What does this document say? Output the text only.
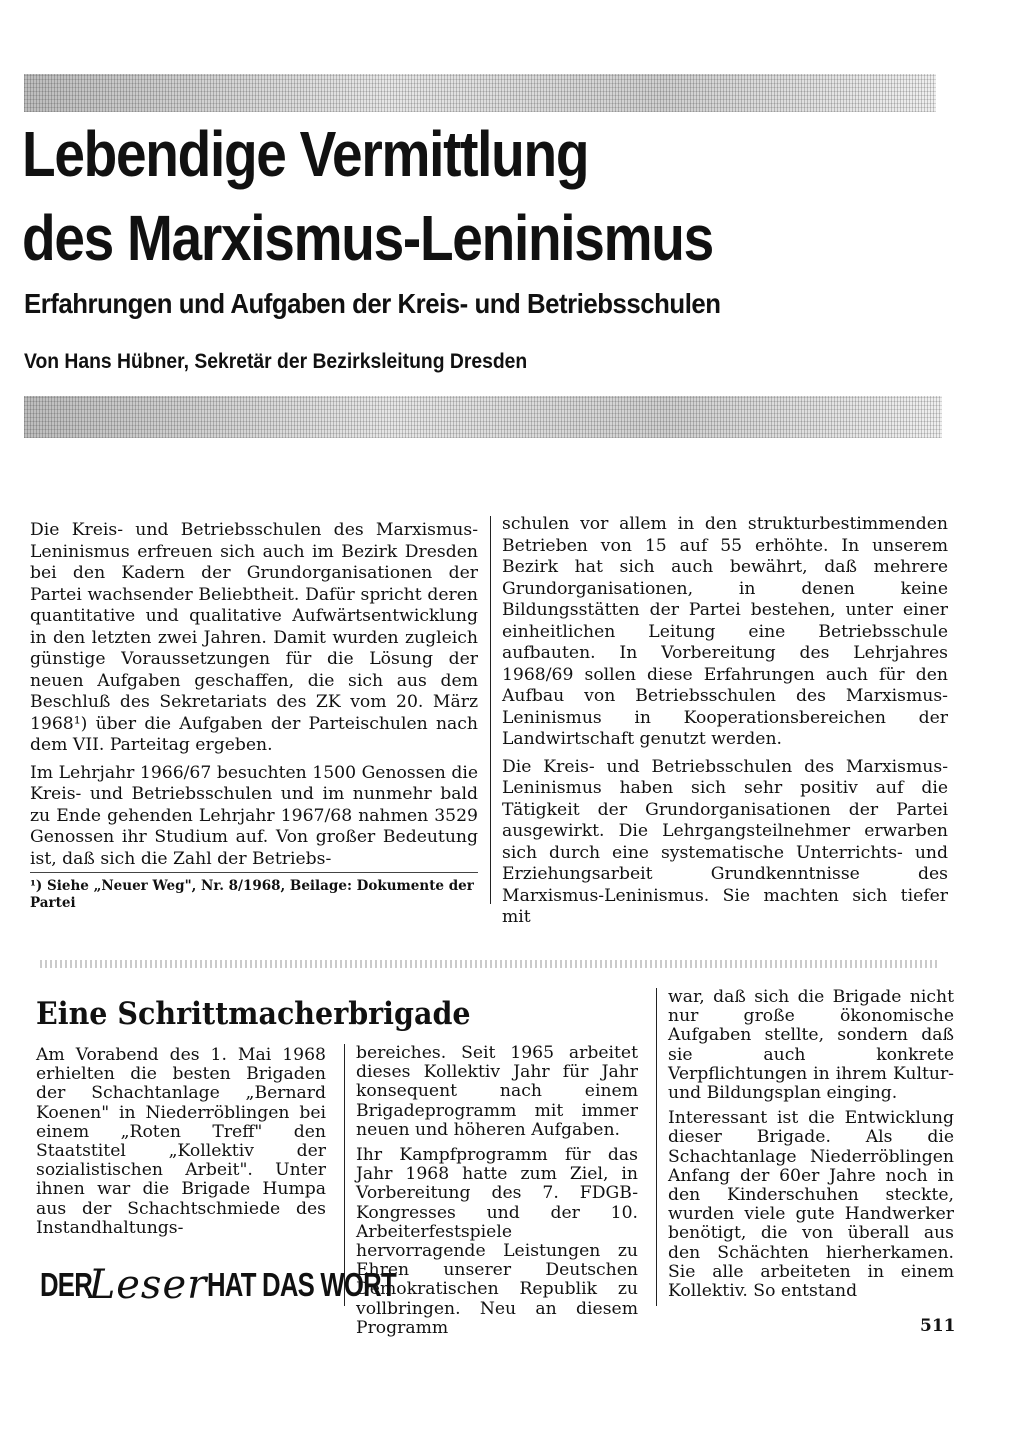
Lebendige Vermittlung
des Marxismus-Leninismus
Erfahrungen und Aufgaben der Kreis- und Betriebsschulen
Von Hans Hübner, Sekretär der Bezirksleitung Dresden

Die Kreis- und Betriebsschulen des Marxismus-Leninismus erfreuen sich auch im Bezirk Dresden bei den Kadern der Grundorganisationen der Partei wachsender Beliebtheit. Dafür spricht deren quantitative und qualitative Aufwärtsentwicklung in den letzten zwei Jahren. Damit wurden zugleich günstige Voraussetzungen für die Lösung der neuen Aufgaben geschaffen, die sich aus dem Beschluß des Sekretariats des ZK vom 20. März 1968¹) über die Aufgaben der Parteischulen nach dem VII. Parteitag ergeben.

Im Lehrjahr 1966/67 besuchten 1500 Genossen die Kreis- und Betriebsschulen und im nunmehr bald zu Ende gehenden Lehrjahr 1967/68 nahmen 3529 Genossen ihr Studium auf. Von großer Bedeutung ist, daß sich die Zahl der Betriebs-

schulen vor allem in den strukturbestimmenden Betrieben von 15 auf 55 erhöhte. In unserem Bezirk hat sich auch bewährt, daß mehrere Grundorganisationen, in denen keine Bildungsstätten der Partei bestehen, unter einer einheitlichen Leitung eine Betriebsschule aufbauten. In Vorbereitung des Lehrjahres 1968/69 sollen diese Erfahrungen auch für den Aufbau von Betriebsschulen des Marxismus-Leninismus in Kooperationsbereichen der Landwirtschaft genutzt werden.

Die Kreis- und Betriebsschulen des Marxismus-Leninismus haben sich sehr positiv auf die Tätigkeit der Grundorganisationen der Partei ausgewirkt. Die Lehrgangsteilnehmer erwarben sich durch eine systematische Unterrichts- und Erziehungsarbeit Grundkenntnisse des Marxismus-Leninismus. Sie machten sich tiefer mit

¹) Siehe „Neuer Weg", Nr. 8/1968, Beilage: Dokumente der Partei
Eine Schrittmacherbrigade

Am Vorabend des 1. Mai 1968 erhielten die besten Brigaden der Schachtanlage „Bernard Koenen" in Niederröblingen bei einem „Roten Treff" den Staatstitel „Kollektiv der sozialistischen Arbeit". Unter ihnen war die Brigade Humpa aus der Schachtschmiede des Instandhaltungs-

bereiches. Seit 1965 arbeitet dieses Kollektiv Jahr für Jahr konsequent nach einem Brigadeprogramm mit immer neuen und höheren Aufgaben.

Ihr Kampfprogramm für das Jahr 1968 hatte zum Ziel, in Vorbereitung des 7. FDGB-Kongresses und der 10. Arbeiterfestspiele hervorragende Leistungen zu Ehren unserer Deutschen Demokratischen Republik zu vollbringen. Neu an diesem Programm

war, daß sich die Brigade nicht nur große ökonomische Aufgaben stellte, sondern daß sie auch konkrete Verpflichtungen in ihrem Kultur- und Bildungsplan einging.

Interessant ist die Entwicklung dieser Brigade. Als die Schachtanlage Niederröblingen Anfang der 60er Jahre noch in den Kinderschuhen steckte, wurden viele gute Handwerker benötigt, die von überall aus den Schächten hierherkamen. Sie alle arbeiteten in einem Kollektiv. So entstand

DER
Leser HAT DAS WORT
511
